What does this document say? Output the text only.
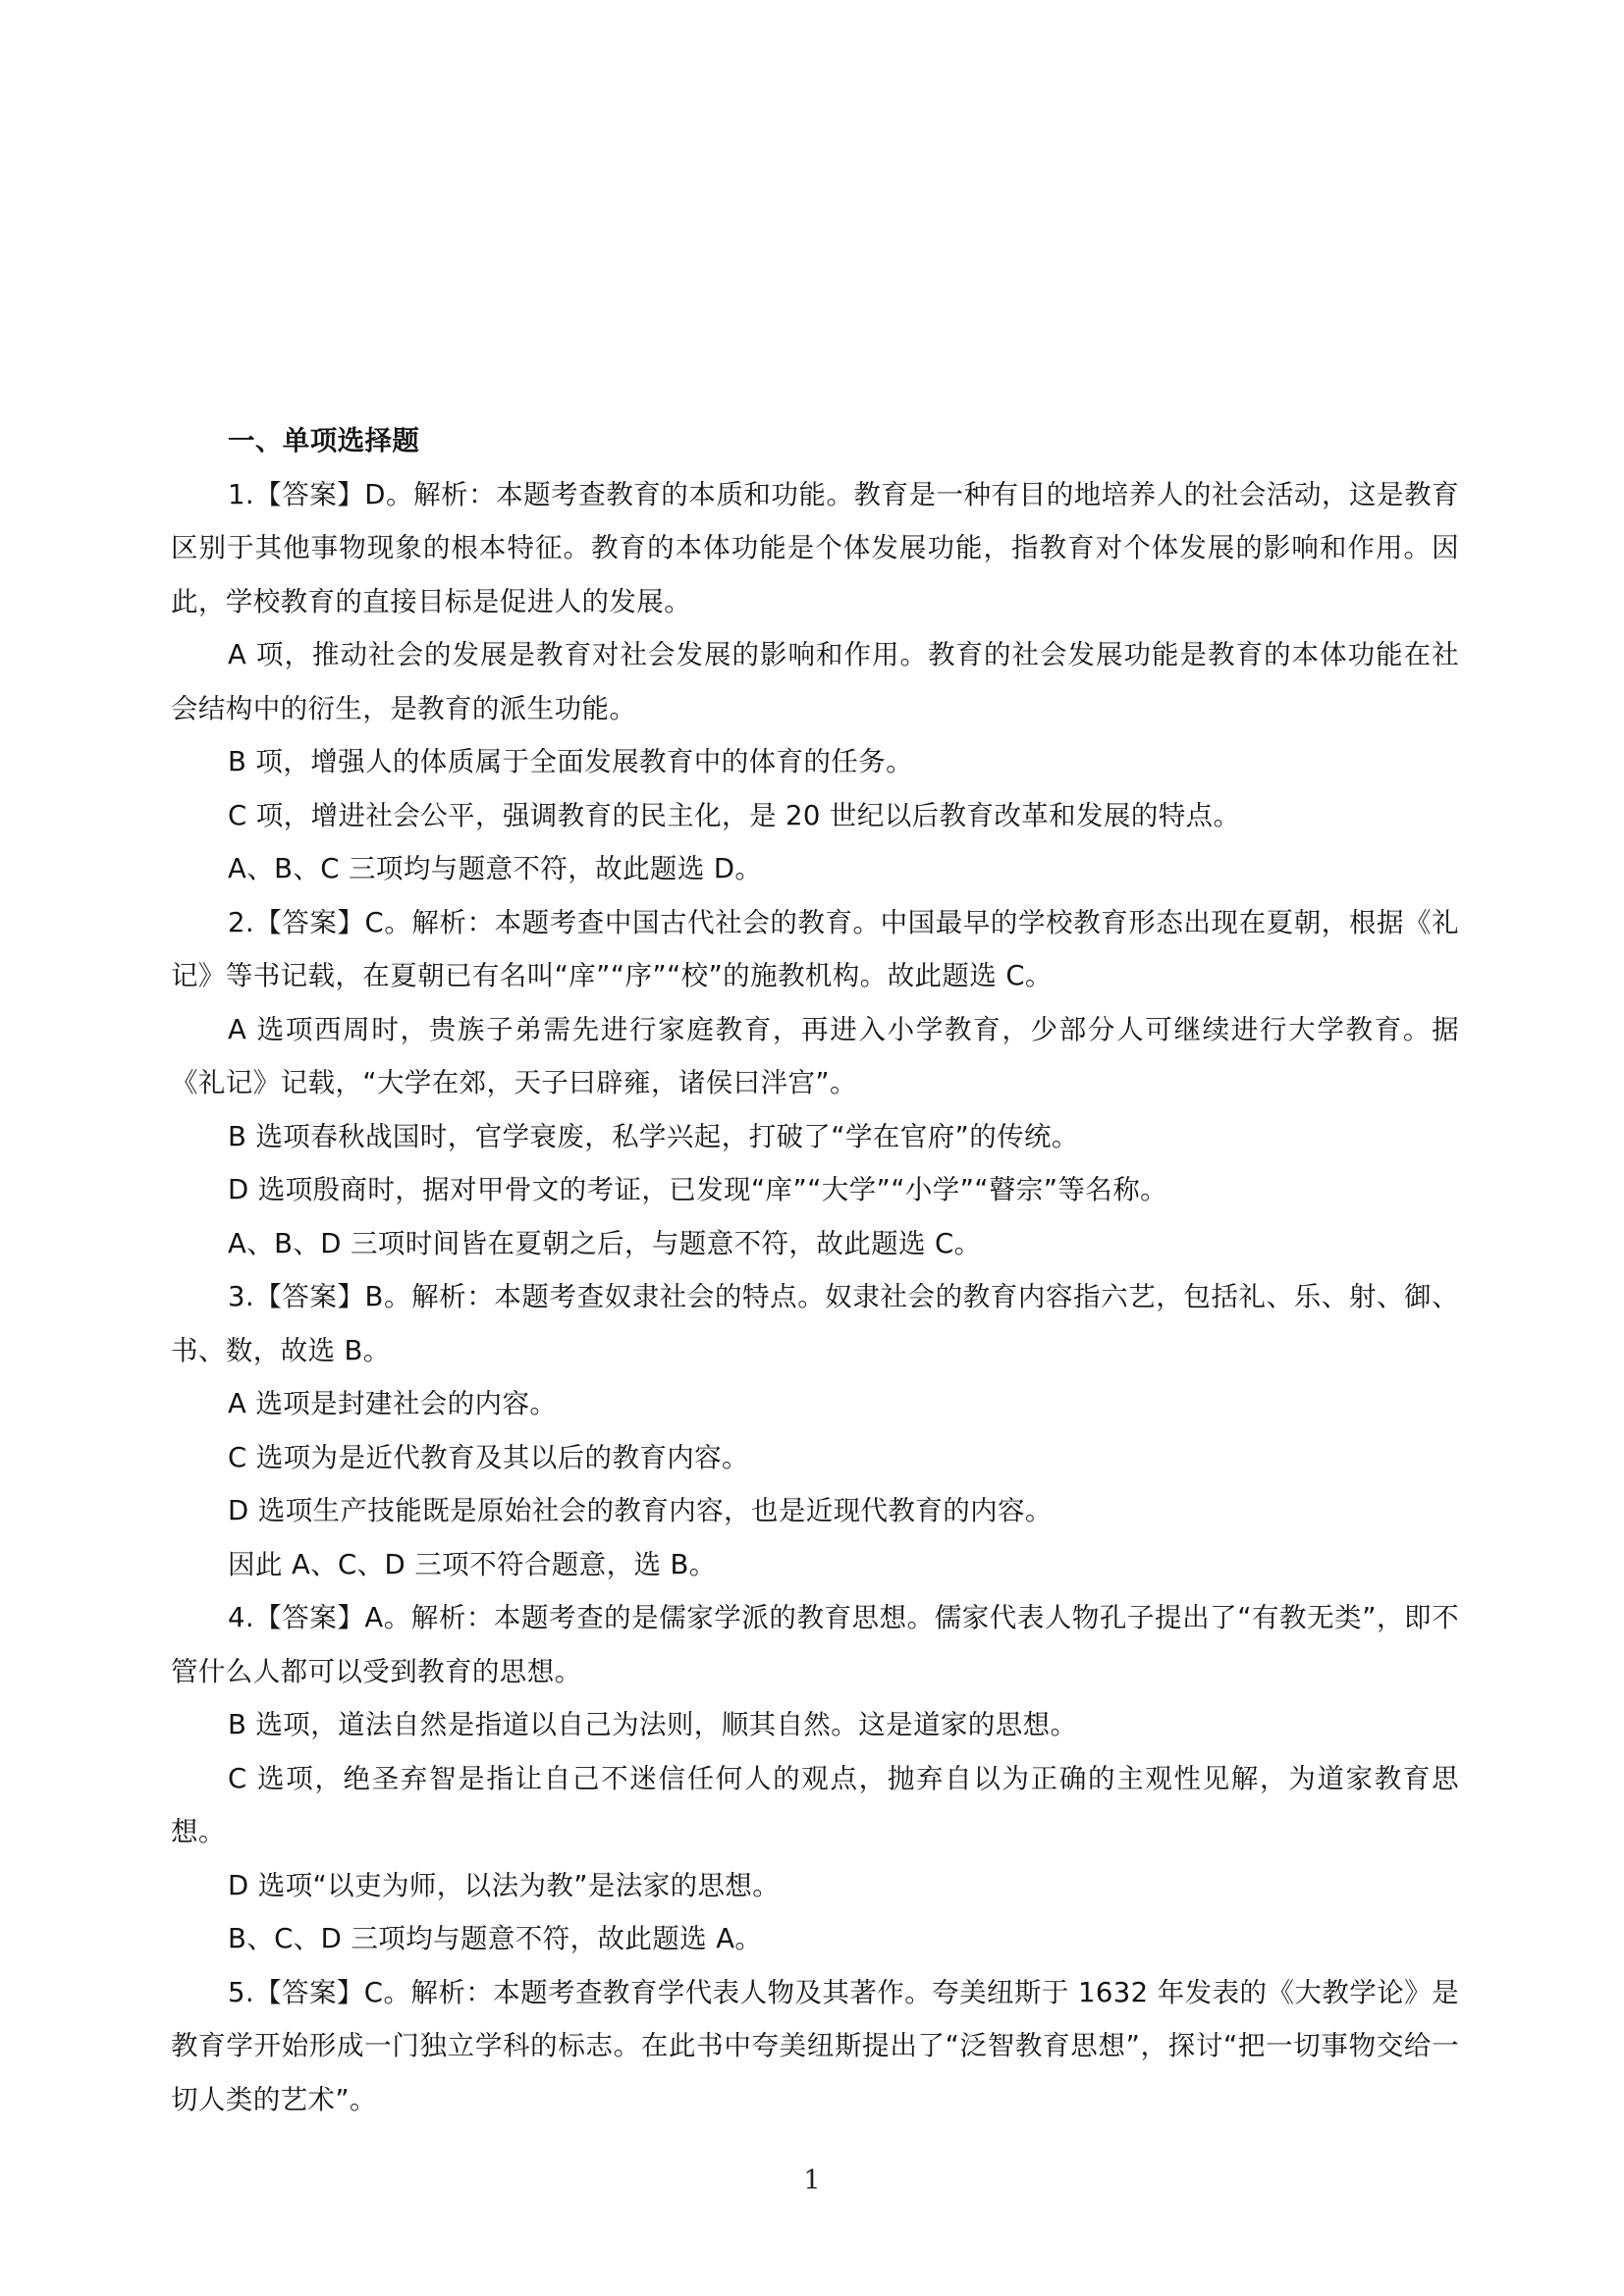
一、单项选择题
1.【答案】D。解析：本题考查教育的本质和功能。教育是一种有目的地培养人的社会活动，这是教育区别于其他事物现象的根本特征。教育的本体功能是个体发展功能，指教育对个体发展的影响和作用。因此，学校教育的直接目标是促进人的发展。
A 项，推动社会的发展是教育对社会发展的影响和作用。教育的社会发展功能是教育的本体功能在社会结构中的衍生，是教育的派生功能。
B 项，增强人的体质属于全面发展教育中的体育的任务。
C 项，增进社会公平，强调教育的民主化，是 20 世纪以后教育改革和发展的特点。
A、B、C 三项均与题意不符，故此题选 D。
2.【答案】C。解析：本题考查中国古代社会的教育。中国最早的学校教育形态出现在夏朝，根据《礼记》等书记载，在夏朝已有名叫“庠”“序”“校”的施教机构。故此题选 C。
A 选项西周时，贵族子弟需先进行家庭教育，再进入小学教育，少部分人可继续进行大学教育。据《礼记》记载，“大学在郊，天子曰辟雍，诸侯曰泮宫”。
B 选项春秋战国时，官学衰废，私学兴起，打破了“学在官府”的传统。
D 选项殷商时，据对甲骨文的考证，已发现“庠”“大学”“小学”“瞽宗”等名称。
A、B、D 三项时间皆在夏朝之后，与题意不符，故此题选 C。
3.【答案】B。解析：本题考查奴隶社会的特点。奴隶社会的教育内容指六艺，包括礼、乐、射、御、书、数，故选 B。
A 选项是封建社会的内容。
C 选项为是近代教育及其以后的教育内容。
D 选项生产技能既是原始社会的教育内容，也是近现代教育的内容。
因此 A、C、D 三项不符合题意，选 B。
4.【答案】A。解析：本题考查的是儒家学派的教育思想。儒家代表人物孔子提出了“有教无类”，即不管什么人都可以受到教育的思想。
B 选项，道法自然是指道以自己为法则，顺其自然。这是道家的思想。
C 选项，绝圣弃智是指让自己不迷信任何人的观点，抛弃自以为正确的主观性见解，为道家教育思想。
D 选项“以吏为师，以法为教”是法家的思想。
B、C、D 三项均与题意不符，故此题选 A。
5.【答案】C。解析：本题考查教育学代表人物及其著作。夸美纽斯于 1632 年发表的《大教学论》是教育学开始形成一门独立学科的标志。在此书中夸美纽斯提出了“泛智教育思想”，探讨“把一切事物交给一切人类的艺术”。
1
